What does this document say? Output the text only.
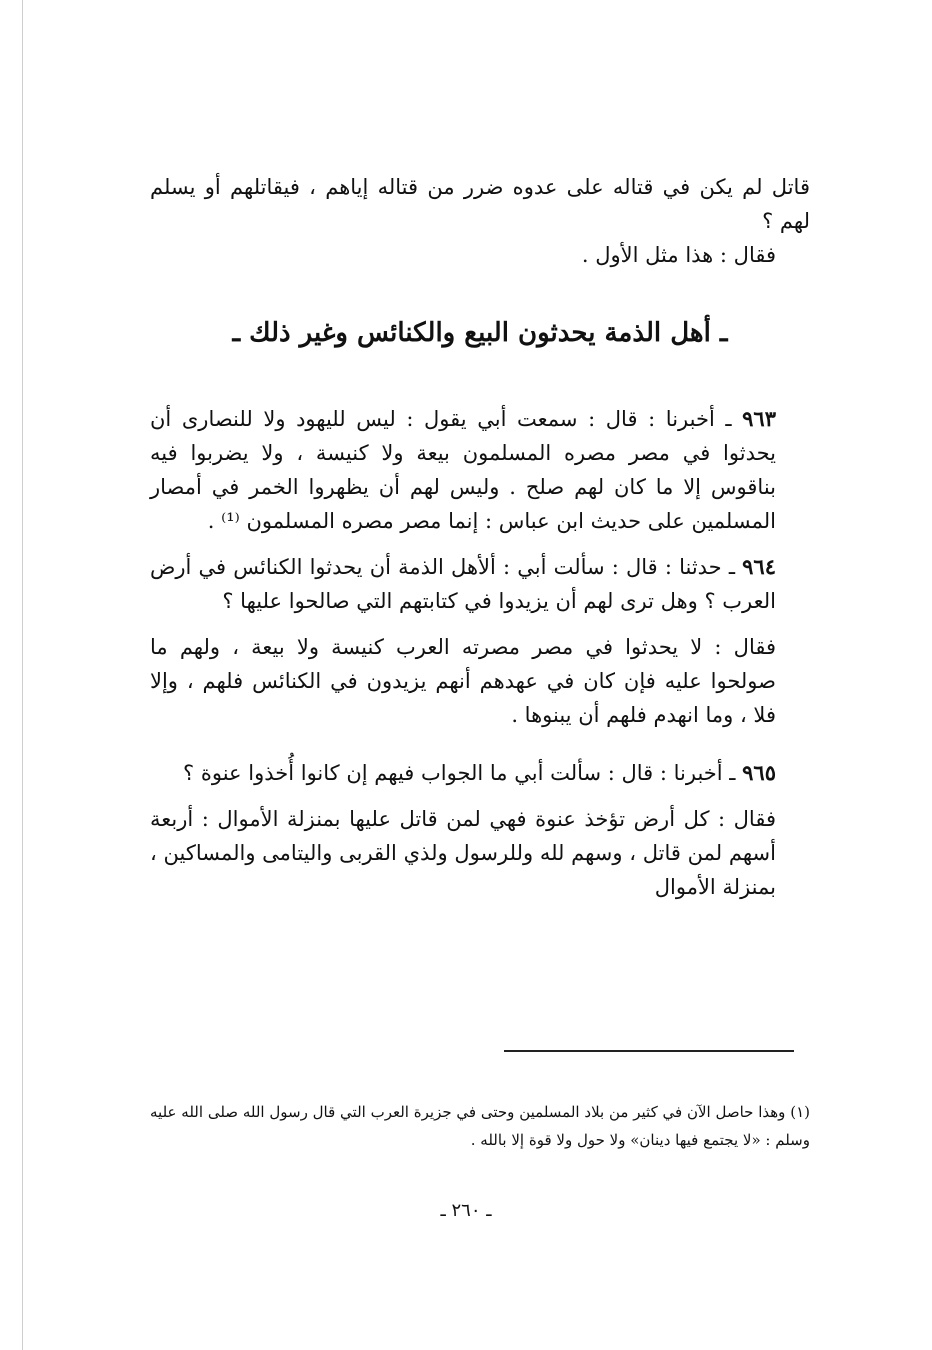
قاتل لم يكن في قتاله على عدوه ضرر من قتاله إياهم ، فيقاتلهم أو يسلم لهم ؟

فقال : هذا مثل الأول .

ـ أهل الذمة يحدثون البيع والكنائس وغير ذلك ـ

٩٦٣ ـ أخبرنا : قال : سمعت أبي يقول : ليس لليهود ولا للنصارى أن يحدثوا في مصر مصره المسلمون بيعة ولا كنيسة ، ولا يضربوا فيه بناقوس إلا ما كان لهم صلح . وليس لهم أن يظهروا الخمر في أمصار المسلمين على حديث ابن عباس : إنما مصر مصره المسلمون ⁽¹⁾ .

٩٦٤ ـ حدثنا : قال : سألت أبي : ألأهل الذمة أن يحدثوا الكنائس في أرض العرب ؟ وهل ترى لهم أن يزيدوا في كتابتهم التي صالحوا عليها ؟

فقال : لا يحدثوا في مصر مصرته العرب كنيسة ولا بيعة ، ولهم ما صولحوا عليه فإن كان في عهدهم أنهم يزيدون في الكنائس فلهم ، وإلا فلا ، وما انهدم فلهم أن يبنوها .

٩٦٥ ـ أخبرنا : قال : سألت أبي ما الجواب فيهم إن كانوا أُخذوا عنوة ؟

فقال : كل أرض تؤخذ عنوة فهي لمن قاتل عليها بمنزلة الأموال : أربعة أسهم لمن قاتل ، وسهم لله وللرسول ولذي القربى واليتامى والمساكين ، بمنزلة الأموال

(١) وهذا حاصل الآن في كثير من بلاد المسلمين وحتى في جزيرة العرب التي قال رسول الله صلى الله عليه وسلم : «لا يجتمع فيها دينان» ولا حول ولا قوة إلا بالله .
ـ ٢٦٠ ـ
